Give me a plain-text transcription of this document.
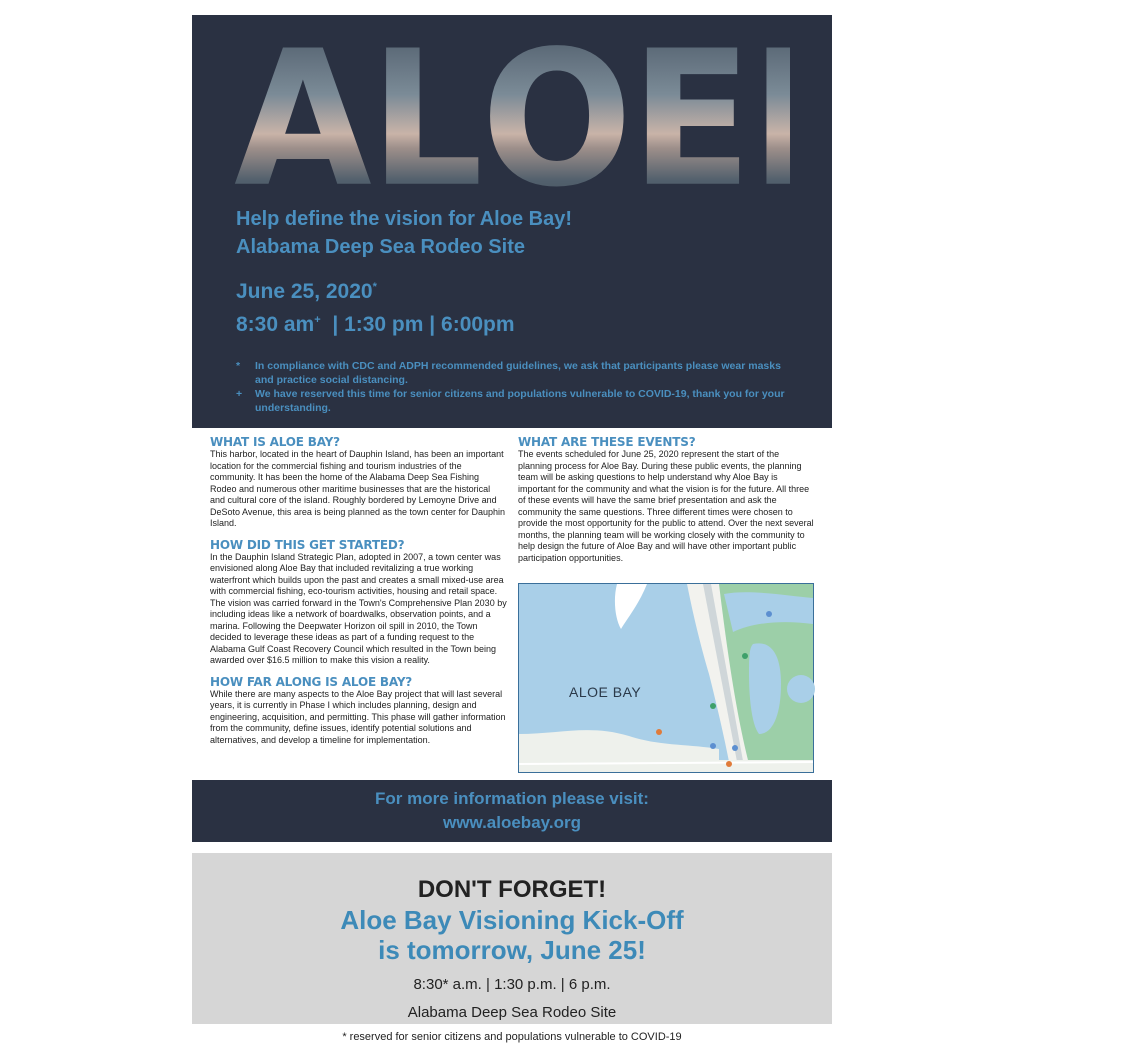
A L O E B A Y
Help define the vision for Aloe Bay!
Alabama Deep Sea Rodeo Site
June 25, 2020*
8:30 am+ | 1:30 pm | 6:00pm
*	In compliance with CDC and ADPH recommended guidelines, we ask that participants please wear masks and practice social distancing.
+	We have reserved this time for senior citizens and populations vulnerable to COVID-19, thank you for your understanding.
WHAT IS ALOE BAY?

This harbor, located in the heart of Dauphin Island, has been an important location for the commercial fishing and tourism industries of the community. It has been the home of the Alabama Deep Sea Fishing Rodeo and numerous other maritime businesses that are the historical and cultural core of the island. Roughly bordered by Lemoyne Drive and DeSoto Avenue, this area is being planned as the town center for Dauphin Island.

HOW DID THIS GET STARTED?

In the Dauphin Island Strategic Plan, adopted in 2007, a town center was envisioned along Aloe Bay that included revitalizing a true working waterfront which builds upon the past and creates a small mixed-use area with commercial fishing, eco-tourism activities, housing and retail space. The vision was carried forward in the Town's Comprehensive Plan 2030 by including ideas like a network of boardwalks, observation points, and a marina. Following the Deepwater Horizon oil spill in 2010, the Town decided to leverage these ideas as part of a funding request to the Alabama Gulf Coast Recovery Council which resulted in the Town being awarded over $16.5 million to make this vision a reality.

HOW FAR ALONG IS ALOE BAY?

While there are many aspects to the Aloe Bay project that will last several years, it is currently in Phase I which includes planning, design and engineering, acquisition, and permitting. This phase will gather information from the community, define issues, identify potential solutions and alternatives, and develop a timeline for implementation.

WHAT ARE THESE EVENTS?

The events scheduled for June 25, 2020 represent the start of the planning process for Aloe Bay. During these public events, the planning team will be asking questions to help understand why Aloe Bay is important for the community and what the vision is for the future. All three of these events will have the same brief presentation and ask the community the same questions. Three different times were chosen to provide the most opportunity for the public to attend. Over the next several months, the planning team will be working closely with the community to help design the future of Aloe Bay and will have other important public participation opportunities.

ALOE BAY
For more information please visit:
www.aloebay.org
DON'T FORGET!
Aloe Bay Visioning Kick-Off
is tomorrow, June 25!
8:30* a.m. | 1:30 p.m. | 6 p.m.
Alabama Deep Sea Rodeo Site
* reserved for senior citizens and populations vulnerable to COVID-19
